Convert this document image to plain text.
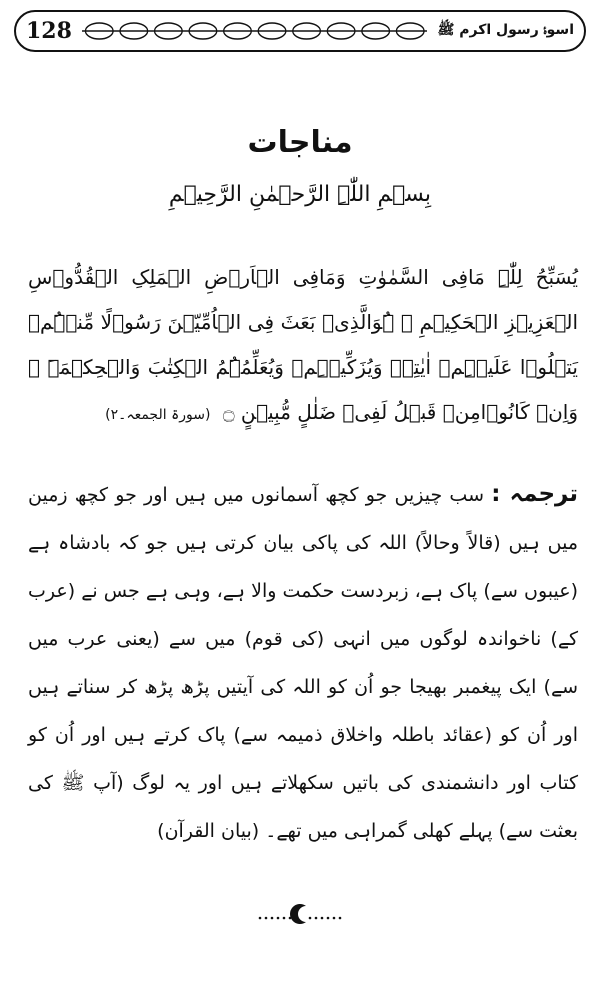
128	اسوۂ رسول اکرم ﷺ
مناجات
بِسۡمِ اللّٰہِ الرَّحۡمٰنِ الرَّحِیۡمِ
یُسَبِّحُ لِلّٰہِ مَافِی السَّمٰوٰتِ وَمَافِی الۡاَرۡضِ الۡمَلِکِ الۡقُدُّوۡسِ الۡعَزِیۡزِ الۡحَکِیۡمِ ﷺ ہُوَالَّذِیۡ بَعَثَ فِی الۡاُمِّیّٖنَ رَسُوۡلًا مِّنۡہُمۡ یَتۡلُوۡا عَلَیۡہِمۡ اٰیٰتِہٖ وَیُزَکِّیۡہِمۡ وَیُعَلِّمُہُمُ الۡکِتٰبَ وَالۡحِکۡمَۃَ ۚ وَاِنۡ کَانُوۡامِنۡ قَبۡلُ لَفِیۡ ضَلٰلٍ مُّبِیۡنٍ ۝ (سورۃ الجمعہ۔۲)
ترجمہ : سب چیزیں جو کچھ آسمانوں میں ہیں اور جو کچھ زمین میں ہیں (قالاً وحالاً) اللہ کی پاکی بیان کرتی ہیں جو کہ بادشاہ ہے (عیبوں سے) پاک ہے، زبردست حکمت والا ہے، وہی ہے جس نے (عرب کے) ناخواندہ لوگوں میں انہی (کی قوم) میں سے (یعنی عرب میں سے) ایک پیغمبر بھیجا جو اُن کو اللہ کی آیتیں پڑھ پڑھ کر سناتے ہیں اور اُن کو (عقائد باطلہ واخلاق ذمیمہ سے) پاک کرتے ہیں اور اُن کو کتاب اور دانشمندی کی باتیں سکھلاتے ہیں اور یہ لوگ (آپ ﷺ کی بعثت سے) پہلے کھلی گمراہی میں تھے۔ (بیان القرآن)
